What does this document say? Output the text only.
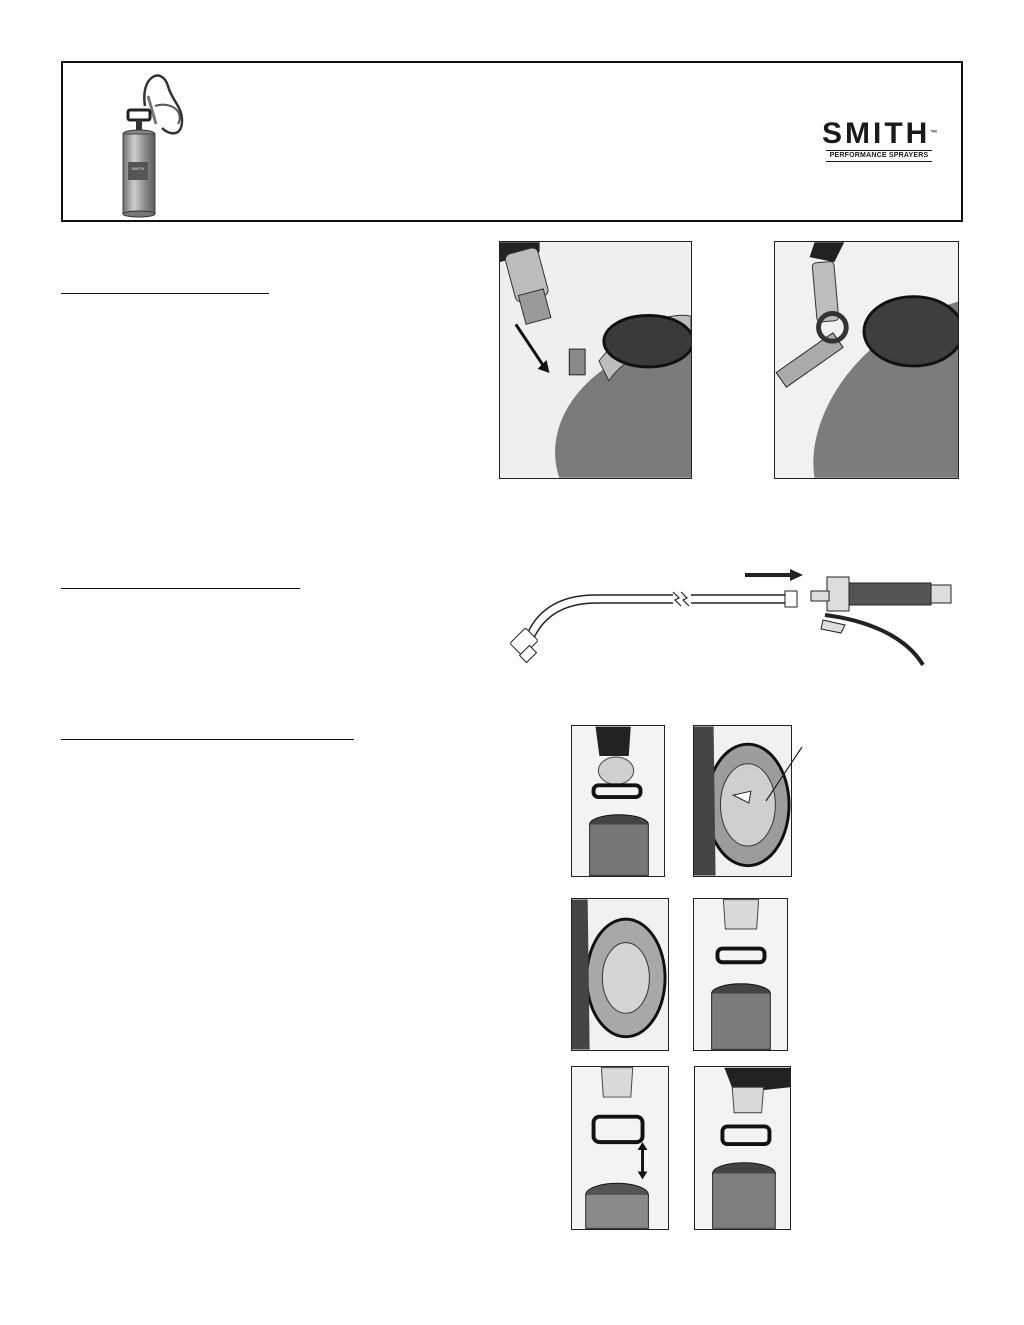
SMITH
SMITH™
PERFORMANCE SPRAYERS
